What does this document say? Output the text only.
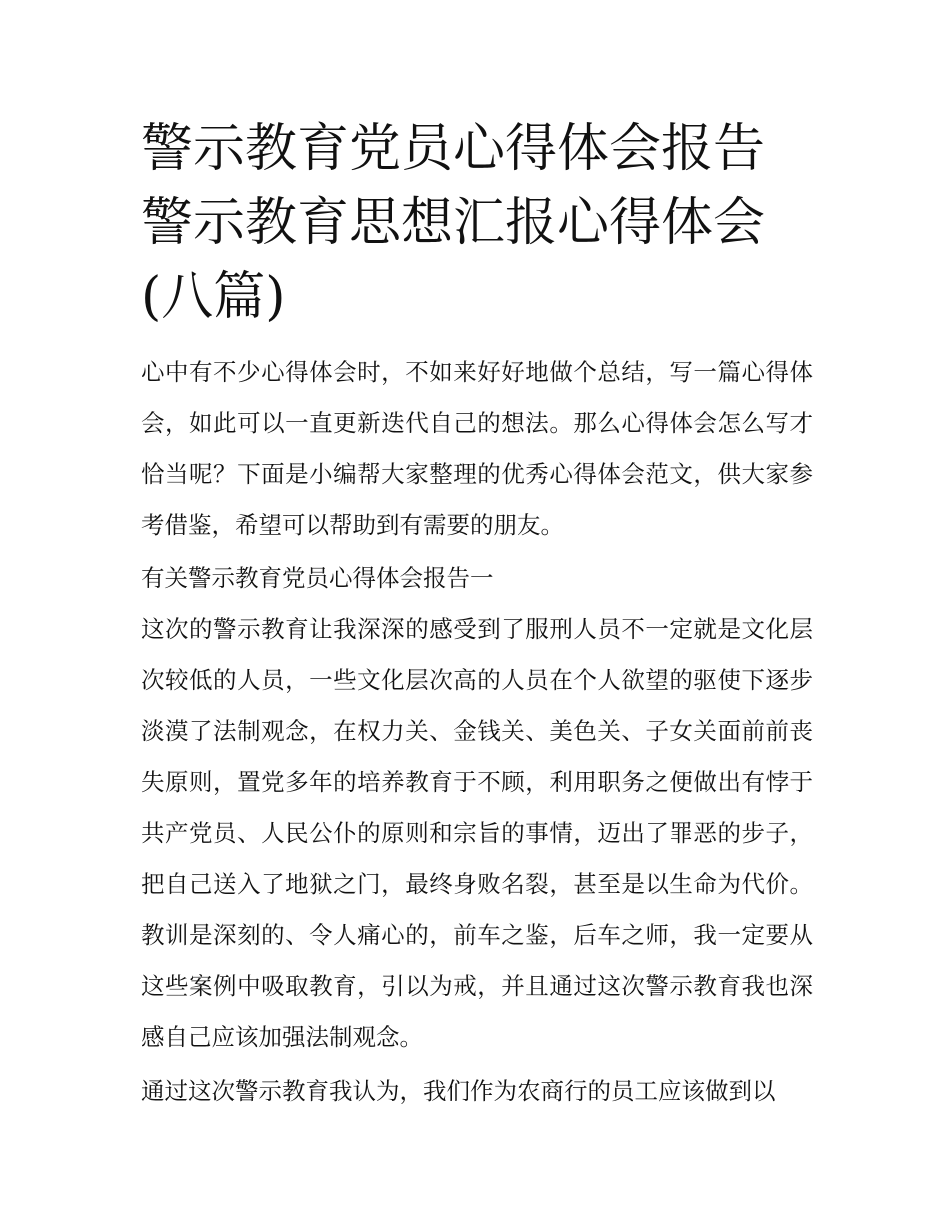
警示教育党员心得体会报告 警示教育思想汇报心得体会(八篇)

心中有不少心得体会时，不如来好好地做个总结，写一篇心得体会，如此可以一直更新迭代自己的想法。那么心得体会怎么写才恰当呢？下面是小编帮大家整理的优秀心得体会范文，供大家参考借鉴，希望可以帮助到有需要的朋友。

有关警示教育党员心得体会报告一

这次的警示教育让我深深的感受到了服刑人员不一定就是文化层次较低的人员，一些文化层次高的人员在个人欲望的驱使下逐步淡漠了法制观念，在权力关、金钱关、美色关、子女关面前前丧失原则，置党多年的培养教育于不顾，利用职务之便做出有悖于共产党员、人民公仆的原则和宗旨的事情，迈出了罪恶的步子，把自己送入了地狱之门，最终身败名裂，甚至是以生命为代价。教训是深刻的、令人痛心的，前车之鉴，后车之师，我一定要从这些案例中吸取教育，引以为戒，并且通过这次警示教育我也深感自己应该加强法制观念。

通过这次警示教育我认为，我们作为农商行的员工应该做到以
